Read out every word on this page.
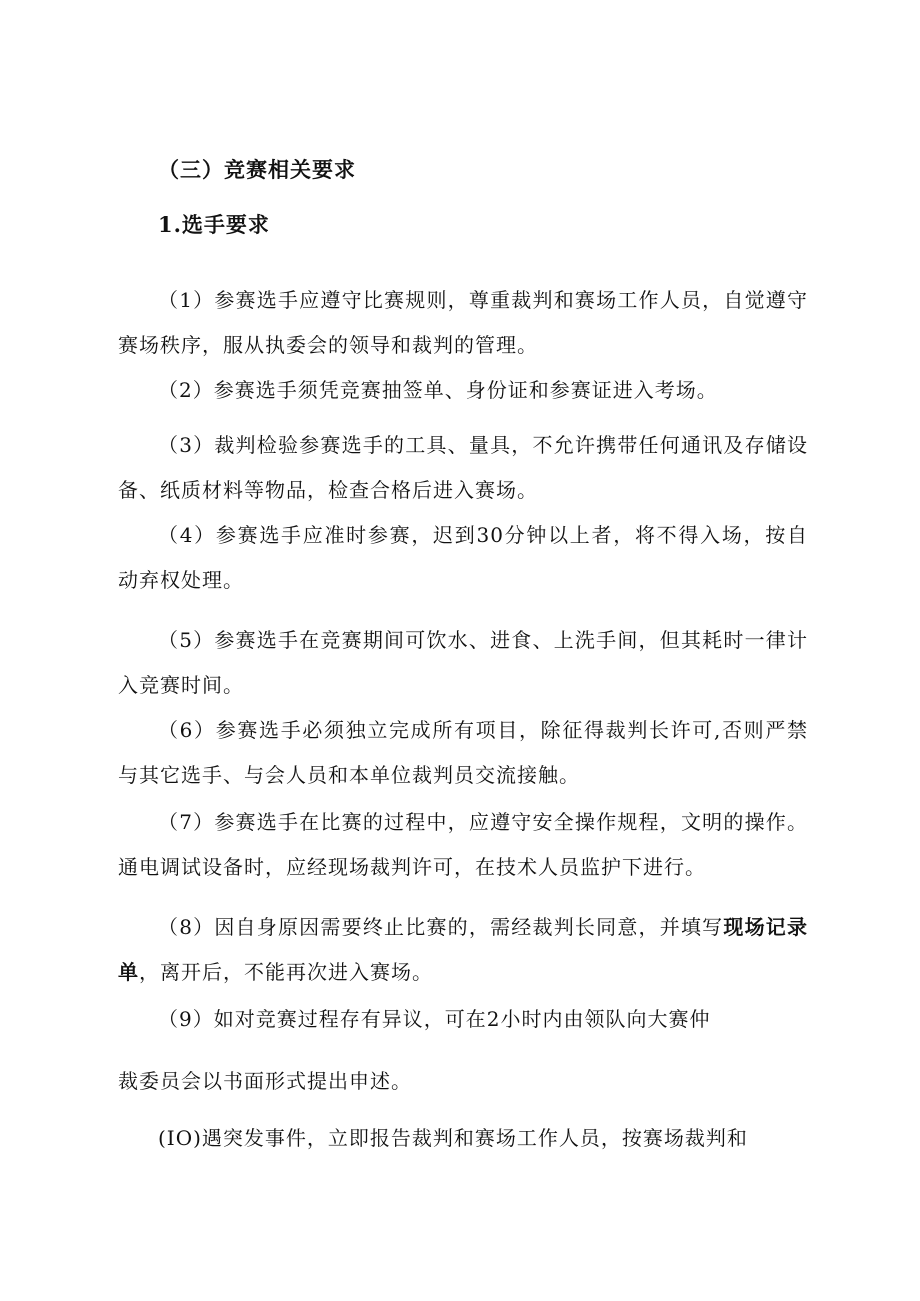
（三）竞赛相关要求
1.选手要求
（1）参赛选手应遵守比赛规则，尊重裁判和赛场工作人员，自觉遵守赛场秩序，服从执委会的领导和裁判的管理。
（2）参赛选手须凭竞赛抽签单、身份证和参赛证进入考场。
（3）裁判检验参赛选手的工具、量具，不允许携带任何通讯及存储设备、纸质材料等物品，检查合格后进入赛场。
（4）参赛选手应准时参赛，迟到30分钟以上者，将不得入场，按自动弃权处理。
（5）参赛选手在竞赛期间可饮水、进食、上洗手间，但其耗时一律计入竞赛时间。
（6）参赛选手必须独立完成所有项目，除征得裁判长许可,否则严禁与其它选手、与会人员和本单位裁判员交流接触。
（7）参赛选手在比赛的过程中，应遵守安全操作规程，文明的操作。通电调试设备时，应经现场裁判许可，在技术人员监护下进行。
（8）因自身原因需要终止比赛的，需经裁判长同意，并填写现场记录单，离开后，不能再次进入赛场。
（9）如对竞赛过程存有异议，可在2小时内由领队向大赛仲
裁委员会以书面形式提出申述。
(IO)遇突发事件，立即报告裁判和赛场工作人员，按赛场裁判和
